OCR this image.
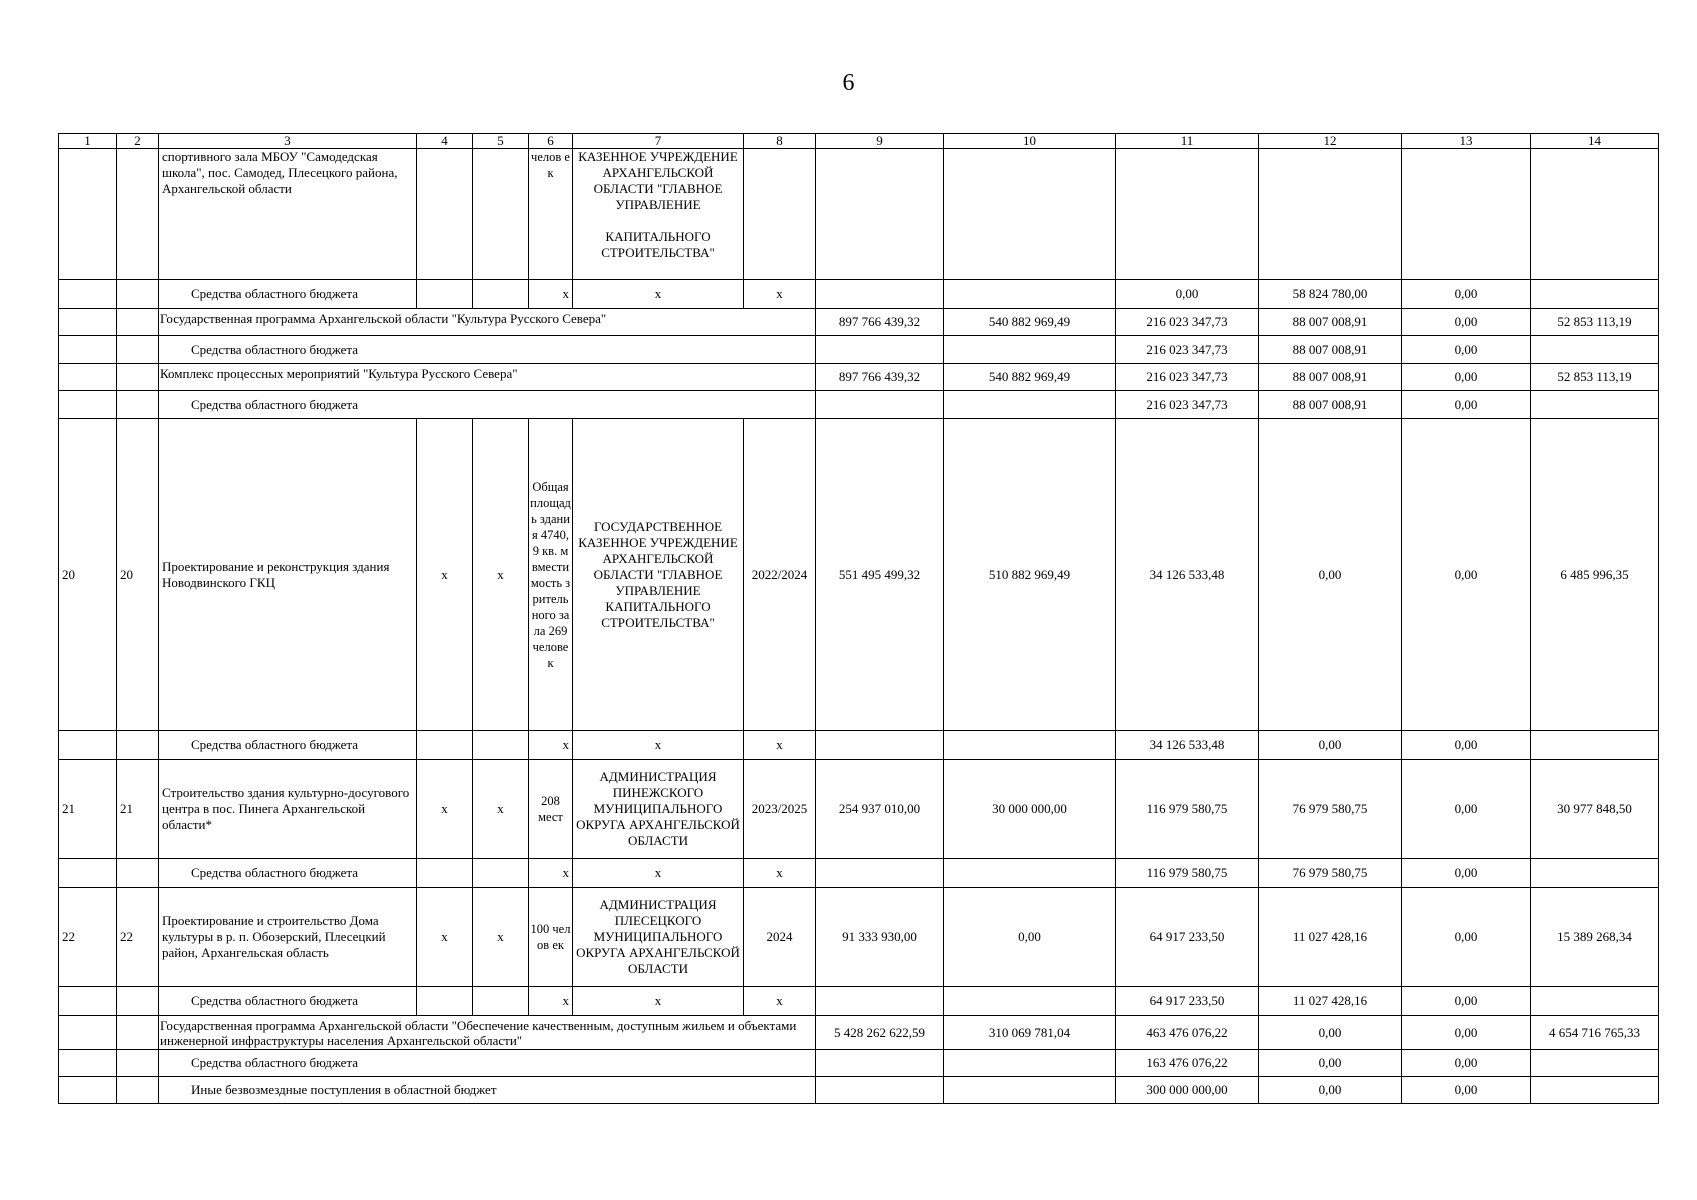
6
1	2	3	4	5	6	7	8	9	10	11	12	13	14
		спортивного зала МБОУ "Самодедская школа", пос. Самодед, Плесецкого района, Архангельской области			челов ек	КАЗЕННОЕ УЧРЕЖДЕНИЕ АРХАНГЕЛЬСКОЙ ОБЛАСТИ "ГЛАВНОЕ УПРАВЛЕНИЕ

КАПИТАЛЬНОГО СТРОИТЕЛЬСТВА"							
		Средства областного бюджета			х	х	х			0,00	58 824 780,00	0,00	
		Государственная программа Архангельской области "Культура Русского Севера"						897 766 439,32	540 882 969,49	216 023 347,73	88 007 008,91	0,00	52 853 113,19
		Средства областного бюджета								216 023 347,73	88 007 008,91	0,00	
		Комплекс процессных мероприятий "Культура Русского Севера"						897 766 439,32	540 882 969,49	216 023 347,73	88 007 008,91	0,00	52 853 113,19
		Средства областного бюджета								216 023 347,73	88 007 008,91	0,00	
20	20	Проектирование и реконструкция здания Новодвинского ГКЦ	х	х	Общая площадь здания 4740,9 кв. м вместимость зрительного зала 269 человек	ГОСУДАРСТВЕННОЕ КАЗЕННОЕ УЧРЕЖДЕНИЕ АРХАНГЕЛЬСКОЙ ОБЛАСТИ "ГЛАВНОЕ УПРАВЛЕНИЕ КАПИТАЛЬНОГО СТРОИТЕЛЬСТВА"	2022/2024	551 495 499,32	510 882 969,49	34 126 533,48	0,00	0,00	6 485 996,35
		Средства областного бюджета			х	х	х			34 126 533,48	0,00	0,00	
21	21	Строительство здания культурно-досугового центра в пос. Пинега Архангельской области*	х	х	208 мест	АДМИНИСТРАЦИЯ ПИНЕЖСКОГО МУНИЦИПАЛЬНОГО ОКРУГА АРХАНГЕЛЬСКОЙ ОБЛАСТИ	2023/2025	254 937 010,00	30 000 000,00	116 979 580,75	76 979 580,75	0,00	30 977 848,50
		Средства областного бюджета			х	х	х			116 979 580,75	76 979 580,75	0,00	
22	22	Проектирование и строительство Дома культуры в р. п. Обозерский, Плесецкий район, Архангельская область	х	х	100 челов ек	АДМИНИСТРАЦИЯ ПЛЕСЕЦКОГО МУНИЦИПАЛЬНОГО ОКРУГА АРХАНГЕЛЬСКОЙ ОБЛАСТИ	2024	91 333 930,00	0,00	64 917 233,50	11 027 428,16	0,00	15 389 268,34
		Средства областного бюджета			х	х	х			64 917 233,50	11 027 428,16	0,00	
		Государственная программа Архангельской области "Обеспечение качественным, доступным жильем и объектами инженерной инфраструктуры населения Архангельской области"						5 428 262 622,59	310 069 781,04	463 476 076,22	0,00	0,00	4 654 716 765,33
		Средства областного бюджета								163 476 076,22	0,00	0,00	
		Иные безвозмездные поступления в областной бюджет								300 000 000,00	0,00	0,00	
